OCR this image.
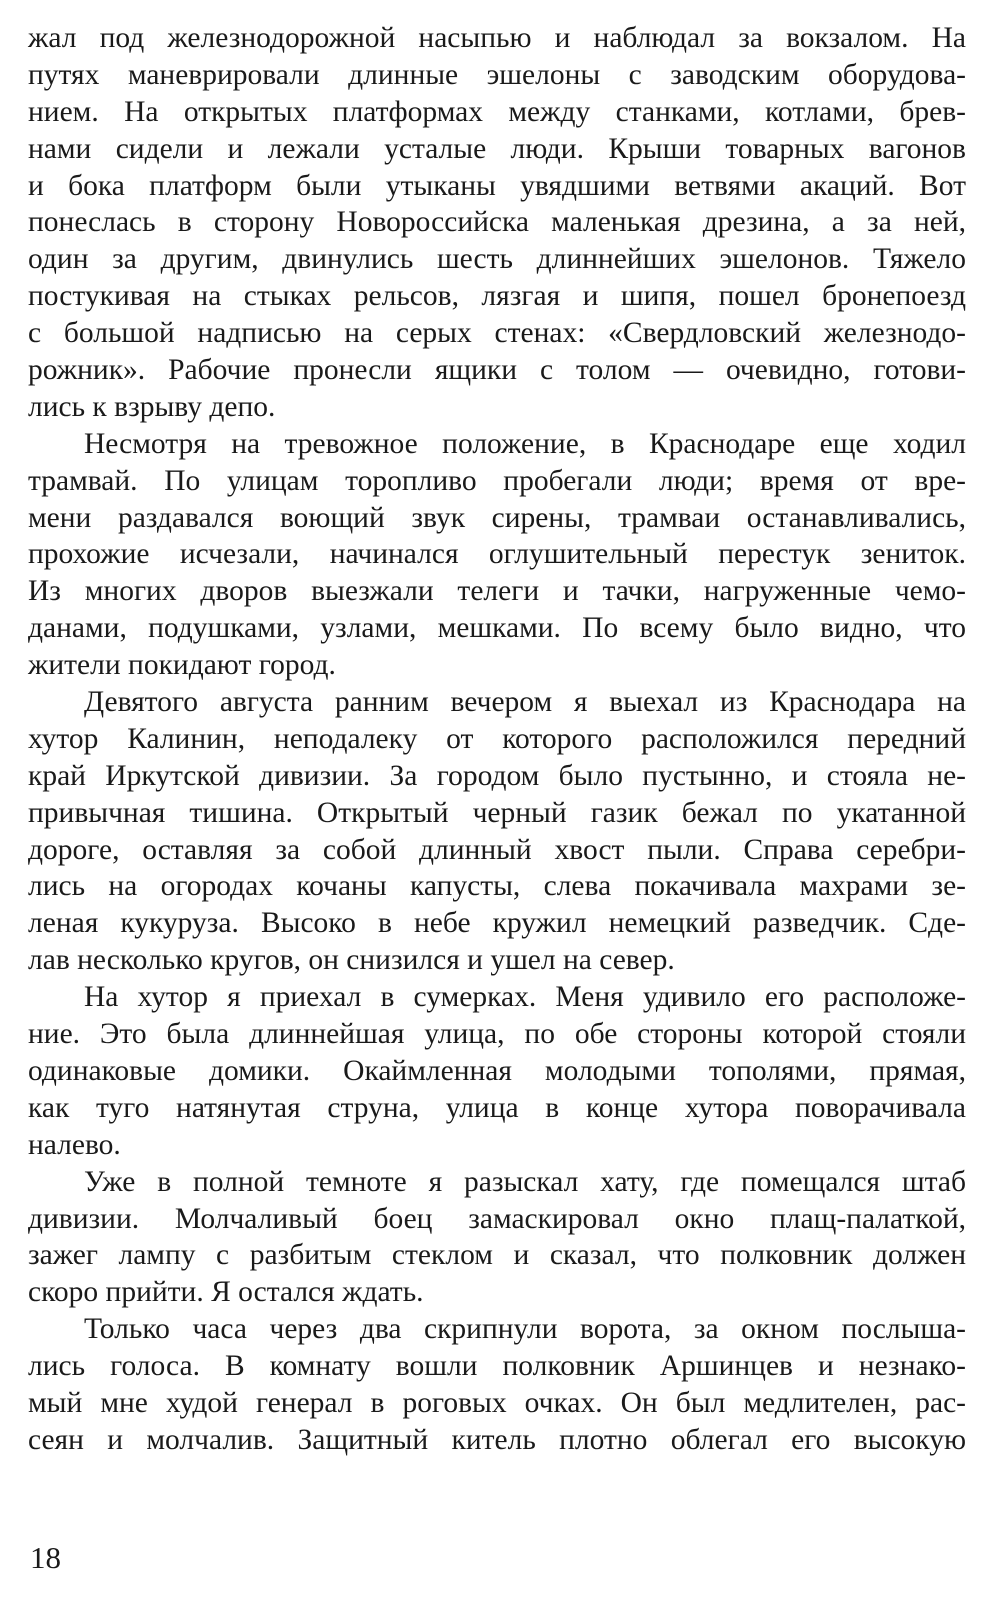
жал под железнодорожной насыпью и наблюдал за вокзалом. На
путях маневрировали длинные эшелоны с заводским оборудова-
нием. На открытых платформах между станками, котлами, брев-
нами сидели и лежали усталые люди. Крыши товарных вагонов
и бока платформ были утыканы увядшими ветвями акаций. Вот
понеслась в сторону Новороссийска маленькая дрезина, а за ней,
один за другим, двинулись шесть длиннейших эшелонов. Тяжело
постукивая на стыках рельсов, лязгая и шипя, пошел бронепоезд
с большой надписью на серых стенах: «Свердловский железнодо-
рожник». Рабочие пронесли ящики с толом — очевидно, готови-
лись к взрыву депо.
Несмотря на тревожное положение, в Краснодаре еще ходил
трамвай. По улицам торопливо пробегали люди; время от вре-
мени раздавался воющий звук сирены, трамваи останавливались,
прохожие исчезали, начинался оглушительный перестук зениток.
Из многих дворов выезжали телеги и тачки, нагруженные чемо-
данами, подушками, узлами, мешками. По всему было видно, что
жители покидают город.
Девятого августа ранним вечером я выехал из Краснодара на
хутор Калинин, неподалеку от которого расположился передний
край Иркутской дивизии. За городом было пустынно, и стояла не-
привычная тишина. Открытый черный газик бежал по укатанной
дороге, оставляя за собой длинный хвост пыли. Справа серебри-
лись на огородах кочаны капусты, слева покачивала махрами зе-
леная кукуруза. Высоко в небе кружил немецкий разведчик. Сде-
лав несколько кругов, он снизился и ушел на север.
На хутор я приехал в сумерках. Меня удивило его расположе-
ние. Это была длиннейшая улица, по обе стороны которой стояли
одинаковые домики. Окаймленная молодыми тополями, прямая,
как туго натянутая струна, улица в конце хутора поворачивала
налево.
Уже в полной темноте я разыскал хату, где помещался штаб
дивизии. Молчаливый боец замаскировал окно плащ-палаткой,
зажег лампу с разбитым стеклом и сказал, что полковник должен
скоро прийти. Я остался ждать.
Только часа через два скрипнули ворота, за окном послыша-
лись голоса. В комнату вошли полковник Аршинцев и незнако-
мый мне худой генерал в роговых очках. Он был медлителен, рас-
сеян и молчалив. Защитный китель плотно облегал его высокую
18
